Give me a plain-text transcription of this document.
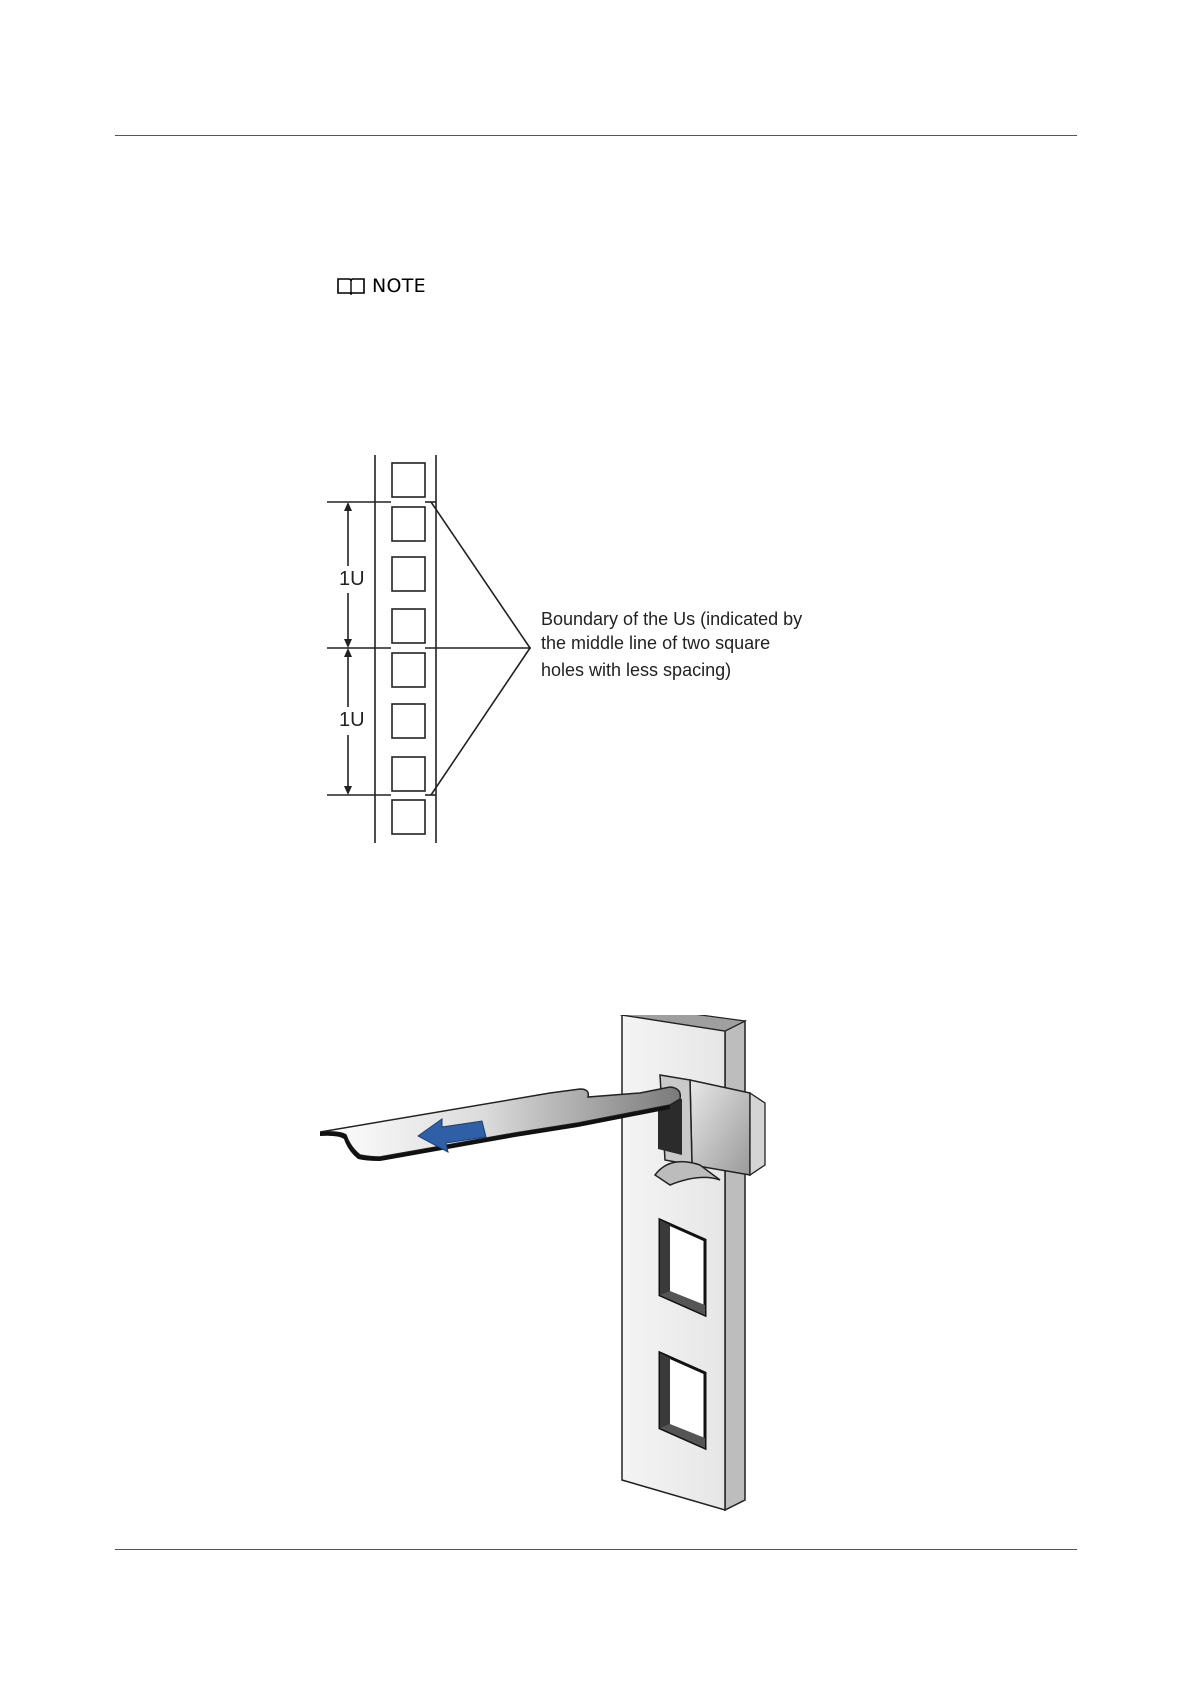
NOTE
1U
1U
Boundary of the Us (indicated by
the middle line of two square
holes with less spacing)
